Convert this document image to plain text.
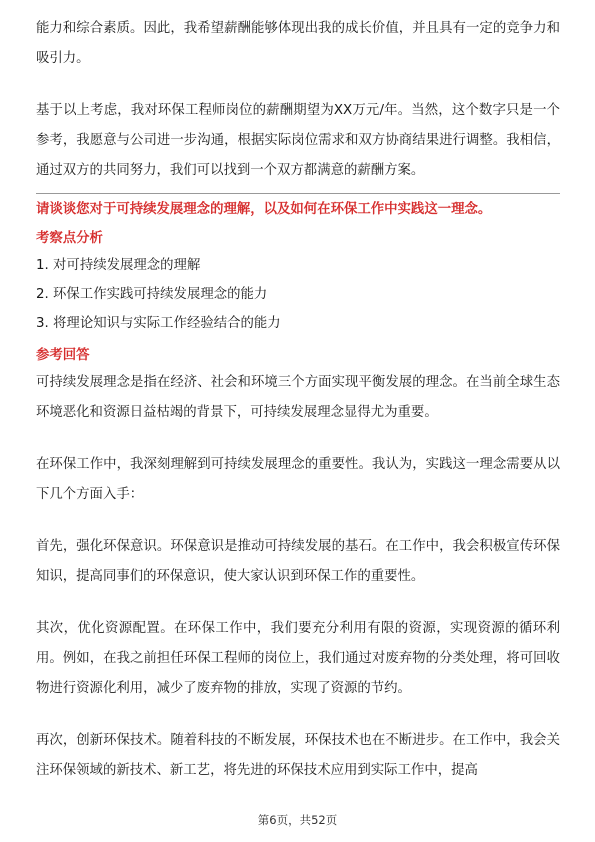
能力和综合素质。因此，我希望薪酬能够体现出我的成长价值，并且具有一定的竞争力和吸引力。

基于以上考虑，我对环保工程师岗位的薪酬期望为XX万元/年。当然，这个数字只是一个参考，我愿意与公司进一步沟通，根据实际岗位需求和双方协商结果进行调整。我相信，通过双方的共同努力，我们可以找到一个双方都满意的薪酬方案。

请谈谈您对于可持续发展理念的理解，以及如何在环保工作中实践这一理念。

考察点分析

1. 对可持续发展理念的理解

2. 环保工作实践可持续发展理念的能力

3. 将理论知识与实际工作经验结合的能力

参考回答

可持续发展理念是指在经济、社会和环境三个方面实现平衡发展的理念。在当前全球生态环境恶化和资源日益枯竭的背景下，可持续发展理念显得尤为重要。

在环保工作中，我深刻理解到可持续发展理念的重要性。我认为，实践这一理念需要从以下几个方面入手：

首先，强化环保意识。环保意识是推动可持续发展的基石。在工作中，我会积极宣传环保知识，提高同事们的环保意识，使大家认识到环保工作的重要性。

其次，优化资源配置。在环保工作中，我们要充分利用有限的资源，实现资源的循环利用。例如，在我之前担任环保工程师的岗位上，我们通过对废弃物的分类处理，将可回收物进行资源化利用，减少了废弃物的排放，实现了资源的节约。

再次，创新环保技术。随着科技的不断发展，环保技术也在不断进步。在工作中，我会关注环保领域的新技术、新工艺，将先进的环保技术应用到实际工作中，提高

第6页，共52页
